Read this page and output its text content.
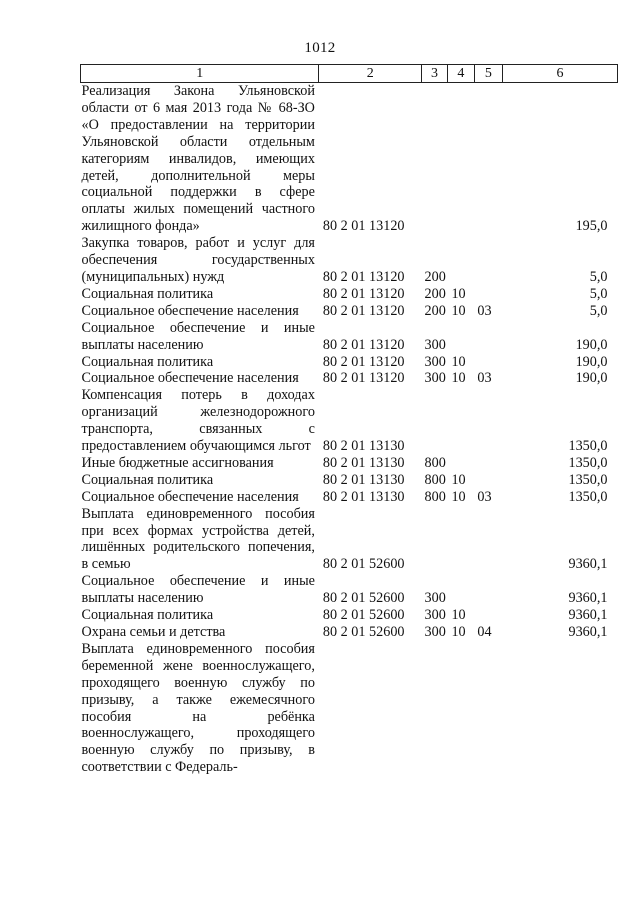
1012
1	2	3	4	5	6
Реализация Закона Ульяновской области от 6 мая 2013 года № 68-ЗО «О предоставлении на территории Ульяновской области отдельным категориям инвалидов, имеющих детей, дополнительной меры социальной поддержки в сфере оплаты жилых помещений частного жилищного фонда»	80 2 01 13120				195,0
Закупка товаров, работ и услуг для обеспечения государственных (муниципальных) нужд	80 2 01 13120	200			5,0
Социальная политика	80 2 01 13120	200	10		5,0
Социальное обеспечение населения	80 2 01 13120	200	10	03	5,0
Социальное обеспечение и иные выплаты населению	80 2 01 13120	300			190,0
Социальная политика	80 2 01 13120	300	10		190,0
Социальное обеспечение населения	80 2 01 13120	300	10	03	190,0
Компенсация потерь в доходах организаций железнодорожного транспорта, связанных с предоставлением обучающимся льгот	80 2 01 13130				1350,0
Иные бюджетные ассигнования	80 2 01 13130	800			1350,0
Социальная политика	80 2 01 13130	800	10		1350,0
Социальное обеспечение населения	80 2 01 13130	800	10	03	1350,0
Выплата единовременного пособия при всех формах устройства детей, лишённых родительского попечения, в семью	80 2 01 52600				9360,1
Социальное обеспечение и иные выплаты населению	80 2 01 52600	300			9360,1
Социальная политика	80 2 01 52600	300	10		9360,1
Охрана семьи и детства	80 2 01 52600	300	10	04	9360,1
Выплата единовременного пособия беременной жене военнослужащего, проходящего военную службу по призыву, а также ежемесячного пособия на ребёнка военнослужащего, проходящего военную службу по призыву, в соответствии с Федераль-					
